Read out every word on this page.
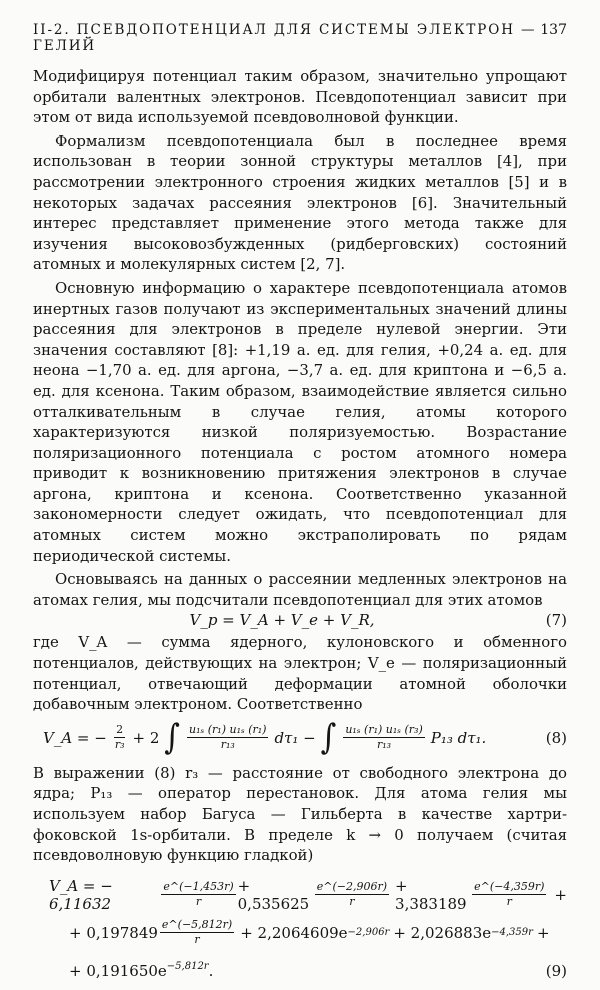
II-2. ПСЕВДОПОТЕНЦИАЛ ДЛЯ СИСТЕМЫ ЭЛЕКТРОН — ГЕЛИЙ
137

Модифицируя потенциал таким образом, значительно упрощают орбитали валентных электронов. Псевдопотенциал зависит при этом от вида используемой псевдоволновой функции.

Формализм псевдопотенциала был в последнее время использован в теории зонной структуры металлов [4], при рассмотрении электронного строения жидких металлов [5] и в некоторых задачах рассеяния электронов [6]. Значительный интерес представляет применение этого метода также для изучения высоковозбужденных (ридберговских) состояний атомных и молекулярных систем [2, 7].

Основную информацию о характере псевдопотенциала атомов инертных газов получают из экспериментальных значений длины рассеяния для электронов в пределе нулевой энергии. Эти значения составляют [8]: +1,19 а. ед. для гелия, +0,24 а. ед. для неона −1,70 а. ед. для аргона, −3,7 а. ед. для криптона и −6,5 а. ед. для ксенона. Таким образом, взаимодействие является сильно отталкивательным в случае гелия, атомы которого характеризуются низкой поляризуемостью. Возрастание поляризационного потенциала с ростом атомного номера приводит к возникновению притяжения электронов в случае аргона, криптона и ксенона. Соответственно указанной закономерности следует ожидать, что псевдопотенциал для атомных систем можно экстраполировать по рядам периодической системы.

Основываясь на данных о рассеянии медленных электронов на атомах гелия, мы подсчитали псевдопотенциал для этих атомов

V_p = V_A + V_e + V_R,	(7)

где V_A — сумма ядерного, кулоновского и обменного потенциалов, действующих на электрон; V_e — поляризационный потенциал, отвечающий деформации атомной оболочки добавочным электроном. Соответственно

V_A = − $\frac{2}{\text{r₃}} + 2$ ∫ $\frac{\text{u₁ₛ (r₁) u₁ₛ (r₁)}}{\text{r₁₃}} d\tau_1$ − ∫ $\frac{\text{u₁ₛ (r₁) u₁ₛ (r₃)}}{\text{r₁₃}} P_{13}$ dτ₁.	(8)

В выражении (8) r₃ — расстояние от свободного электрона до ядра; P₁₃ — оператор перестановок. Для атома гелия мы используем набор Багуса — Гильберта в качестве хартри-фоковской 1s-орбитали. В пределе k → 0 получаем (считая псевдоволновую функцию гладкой)

V_A = − 6,11632	$\frac{e\^{}(-1,453r)}{r} + 0,535625 \frac{e\^{}(-2,906r)}{r} + 3,383189 \frac{e\^{}(-4,359r)}{r}$ +
+ $0,197849 \frac{e\^{}(-5,812r)}{r} + 2,2064609e -2,906r + 2,026883e -4,359r$ +
+ $0,191650e^{-5,812r}$.	(9)
